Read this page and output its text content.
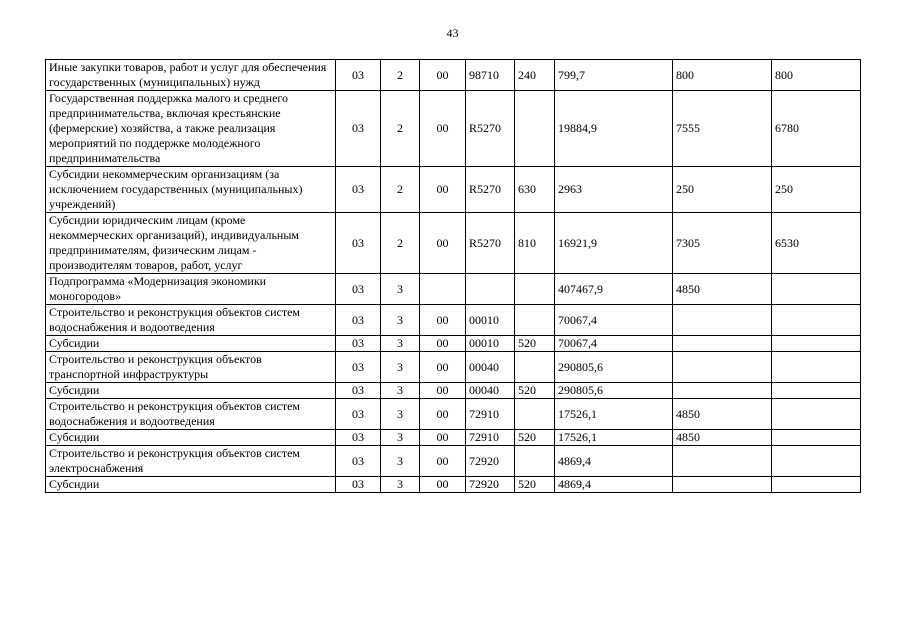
43
Иные закупки товаров, работ и услуг для обеспечения государственных (муниципальных) нужд	03	2	00	98710	240	799,7	800	800
Государственная поддержка малого и среднего предпринимательства, включая крестьянские (фермерские) хозяйства, а также реализация мероприятий по поддержке молодежного предпринимательства	03	2	00	R5270		19884,9	7555	6780
Субсидии некоммерческим организациям (за исключением государственных (муниципальных) учреждений)	03	2	00	R5270	630	2963	250	250
Субсидии юридическим лицам (кроме некоммерческих организаций), индивидуальным предпринимателям, физическим лицам - производителям товаров, работ, услуг	03	2	00	R5270	810	16921,9	7305	6530
Подпрограмма «Модернизация экономики моногородов»	03	3				407467,9	4850	
Строительство и реконструкция объектов систем водоснабжения и водоотведения	03	3	00	00010		70067,4		
Субсидии	03	3	00	00010	520	70067,4		
Строительство и реконструкция объектов транспортной инфраструктуры	03	3	00	00040		290805,6		
Субсидии	03	3	00	00040	520	290805,6		
Строительство и реконструкция объектов систем водоснабжения и водоотведения	03	3	00	72910		17526,1	4850	
Субсидии	03	3	00	72910	520	17526,1	4850	
Строительство и реконструкция объектов систем электроснабжения	03	3	00	72920		4869,4		
Субсидии	03	3	00	72920	520	4869,4		
